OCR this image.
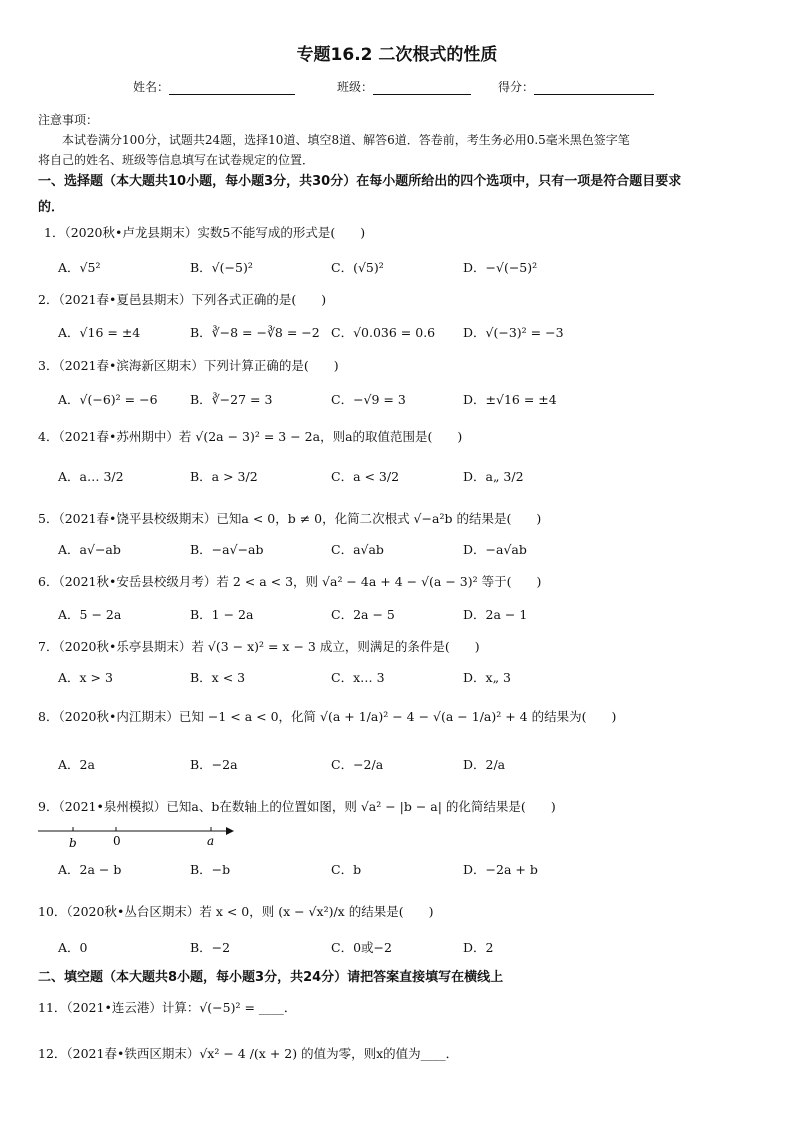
专题16.2 二次根式的性质
姓名：	班级：	得分：
注意事项：
本试卷满分100分，试题共24题，选择10道、填空8道、解答6道．答卷前，考生务必用0.5毫米黑色签字笔
将自己的姓名、班级等信息填写在试卷规定的位置．
一、选择题（本大题共10小题，每小题3分，共30分）在每小题所给出的四个选项中，只有一项是符合题目要求
的．
1．（2020秋•卢龙县期末）实数5不能写成的形式是(　　)
A．√5²	B．√(−5)²	C．(√5)²	D．−√(−5)²
2．（2021春•夏邑县期末）下列各式正确的是(　　)
A．√16 = ±4	B．∛−8 = −∛8 = −2 C．√0.036 = 0.6 D．√(−3)² = −3
3．（2021春•滨海新区期末）下列计算正确的是(　　)
A．√(−6)² = −6	B．∛−27 = 3	C．−√9 = 3	D．±√16 = ±4
4．（2021春•苏州期中）若 √(2a − 3)² = 3 − 2a，则a的取值范围是(　　)
A．a… 3/2	B．a > 3/2	C．a < 3/2	D．a„ 3/2
5．（2021春•饶平县校级期末）已知a < 0，b ≠ 0，化简二次根式 √−a²b 的结果是(　　)
A．a√−ab	B．−a√−ab	C．a√ab	D．−a√ab
6．（2021秋•安岳县校级月考）若 2 < a < 3，则 √a² − 4a + 4 − √(a − 3)² 等于(　　)
A．5 − 2a	B．1 − 2a	C．2a − 5	D．2a − 1
7．（2020秋•乐亭县期末）若 √(3 − x)² = x − 3 成立，则满足的条件是(　　)
A．x > 3	B．x < 3	C．x… 3	D．x„ 3
8．（2020秋•内江期末）已知 −1 < a < 0，化简 √(a + 1/a)² − 4 − √(a − 1/a)² + 4 的结果为(　　)
A．2a	B．−2a	C．−2/a	D．2/a
9．（2021•泉州模拟）已知a、b在数轴上的位置如图，则 √a² − |b − a| 的化简结果是(　　)
b	0	a
A．2a − b	B．−b	C．b	D．−2a + b
10．（2020秋•丛台区期末）若 x < 0，则 (x − √x²)/x 的结果是(　　)
A．0	B．−2	C．0或−2	D．2
二、填空题（本大题共8小题，每小题3分，共24分）请把答案直接填写在横线上
11．（2021•连云港）计算：√(−5)² = ____．
12．（2021春•铁西区期末）√x² − 4 /(x + 2) 的值为零，则x的值为____．
